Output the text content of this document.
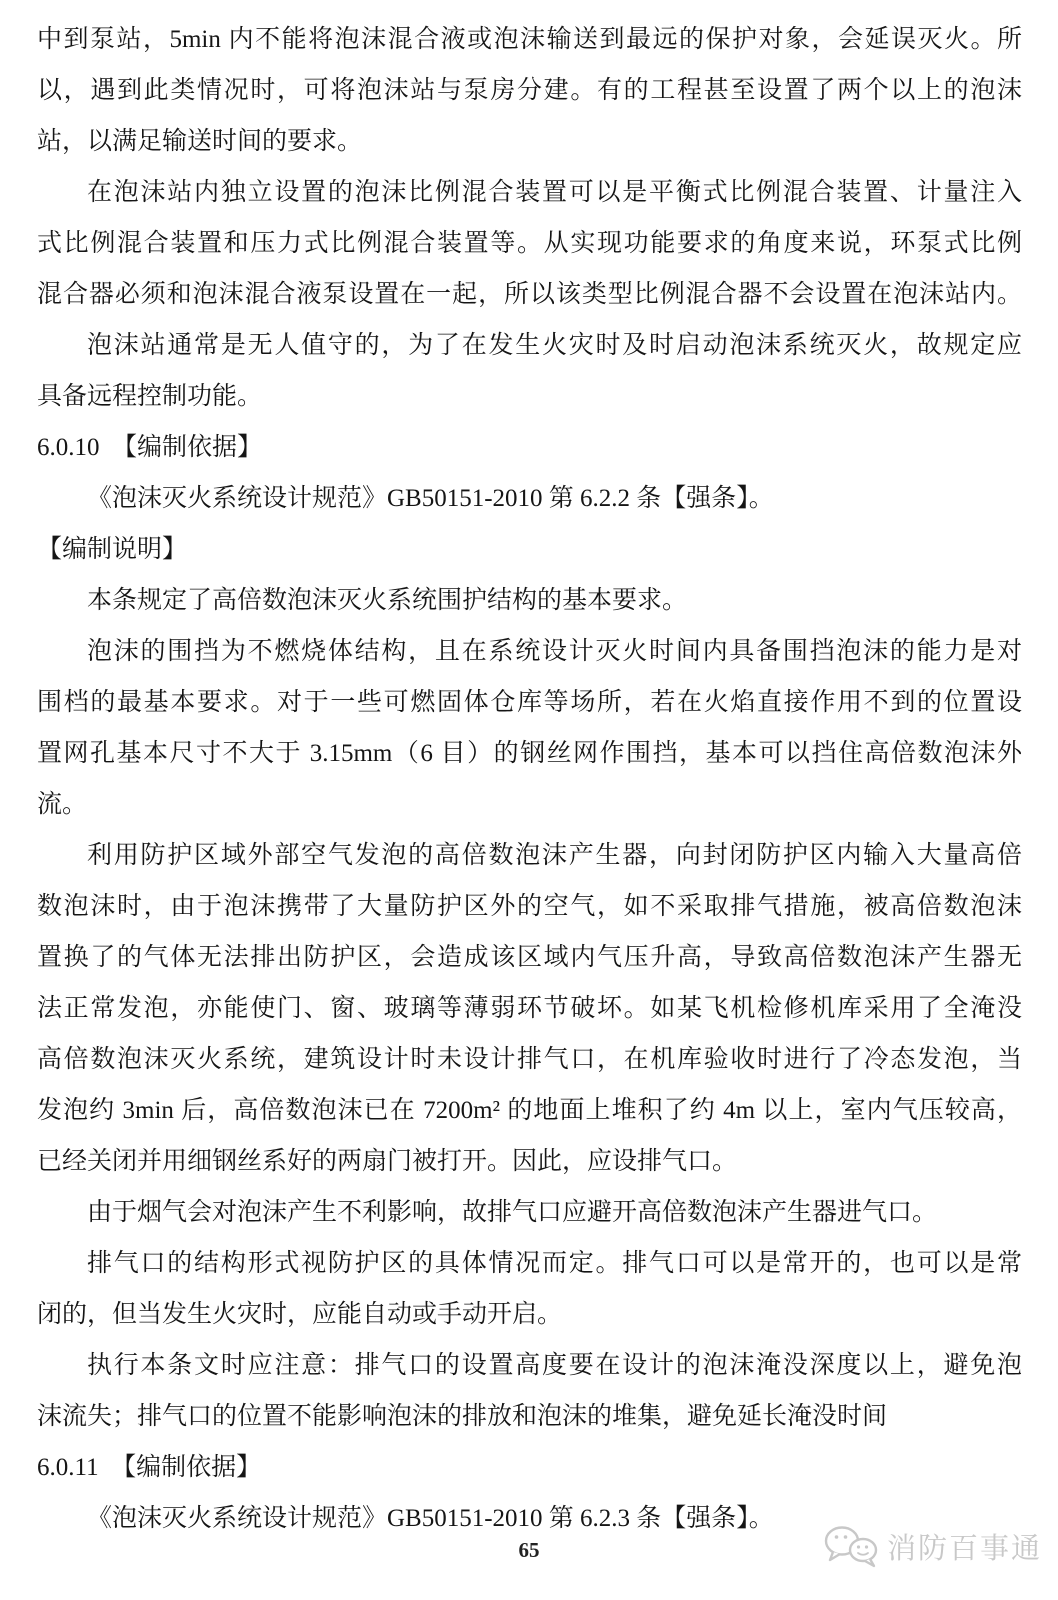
中到泵站，5min 内不能将泡沫混合液或泡沫输送到最远的保护对象，会延误灭火。所
以，遇到此类情况时，可将泡沫站与泵房分建。有的工程甚至设置了两个以上的泡沫
站，以满足输送时间的要求。
在泡沫站内独立设置的泡沫比例混合装置可以是平衡式比例混合装置、计量注入
式比例混合装置和压力式比例混合装置等。从实现功能要求的角度来说，环泵式比例
混合器必须和泡沫混合液泵设置在一起，所以该类型比例混合器不会设置在泡沫站内。
泡沫站通常是无人值守的，为了在发生火灾时及时启动泡沫系统灭火，故规定应
具备远程控制功能。
6.0.10　【编制依据】
《泡沫灭火系统设计规范》GB50151-2010 第 6.2.2 条【强条】。
【编制说明】
本条规定了高倍数泡沫灭火系统围护结构的基本要求。
泡沫的围挡为不燃烧体结构，且在系统设计灭火时间内具备围挡泡沫的能力是对
围档的最基本要求。对于一些可燃固体仓库等场所，若在火焰直接作用不到的位置设
置网孔基本尺寸不大于 3.15mm（6 目）的钢丝网作围挡，基本可以挡住高倍数泡沫外
流。
利用防护区域外部空气发泡的高倍数泡沫产生器，向封闭防护区内输入大量高倍
数泡沫时，由于泡沫携带了大量防护区外的空气，如不采取排气措施，被高倍数泡沫
置换了的气体无法排出防护区，会造成该区域内气压升高，导致高倍数泡沫产生器无
法正常发泡，亦能使门、窗、玻璃等薄弱环节破坏。如某飞机检修机库采用了全淹没
高倍数泡沫灭火系统，建筑设计时未设计排气口，在机库验收时进行了冷态发泡，当
发泡约 3min 后，高倍数泡沫已在 7200m² 的地面上堆积了约 4m 以上，室内气压较高，
已经关闭并用细钢丝系好的两扇门被打开。因此，应设排气口。
由于烟气会对泡沫产生不利影响，故排气口应避开高倍数泡沫产生器进气口。
排气口的结构形式视防护区的具体情况而定。排气口可以是常开的，也可以是常
闭的，但当发生火灾时，应能自动或手动开启。
执行本条文时应注意：排气口的设置高度要在设计的泡沫淹没深度以上，避免泡
沫流失；排气口的位置不能影响泡沫的排放和泡沫的堆集，避免延长淹没时间
6.0.11　【编制依据】
《泡沫灭火系统设计规范》GB50151-2010 第 6.2.3 条【强条】。
65	消防百事通
